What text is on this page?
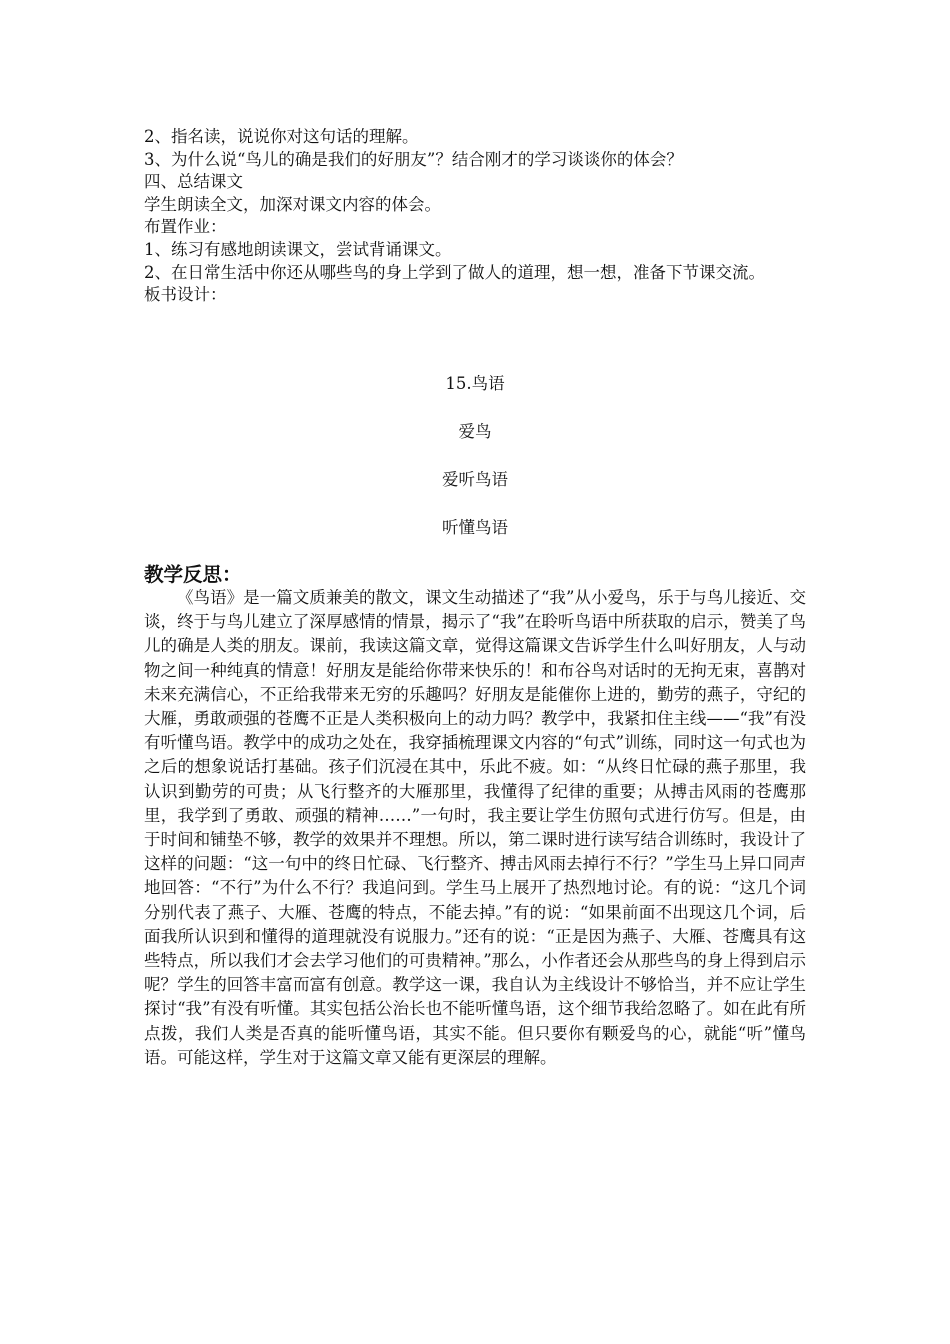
2、指名读，说说你对这句话的理解。

3、为什么说“鸟儿的确是我们的好朋友”？结合刚才的学习谈谈你的体会？

四、总结课文

学生朗读全文，加深对课文内容的体会。

布置作业：

1、练习有感地朗读课文，尝试背诵课文。

2、在日常生活中你还从哪些鸟的身上学到了做人的道理，想一想，准备下节课交流。

板书设计：

15.鸟语
爱鸟
爱听鸟语
听懂鸟语
教学反思：

《鸟语》是一篇文质兼美的散文，课文生动描述了“我”从小爱鸟，乐于与鸟儿接近、交谈，终于与鸟儿建立了深厚感情的情景，揭示了“我”在聆听鸟语中所获取的启示，赞美了鸟儿的确是人类的朋友。课前，我读这篇文章，觉得这篇课文告诉学生什么叫好朋友，人与动物之间一种纯真的情意！好朋友是能给你带来快乐的！和布谷鸟对话时的无拘无束，喜鹊对未来充满信心，不正给我带来无穷的乐趣吗？好朋友是能催你上进的，勤劳的燕子，守纪的大雁，勇敢顽强的苍鹰不正是人类积极向上的动力吗？教学中，我紧扣住主线——“我”有没有听懂鸟语。教学中的成功之处在，我穿插梳理课文内容的“句式”训练，同时这一句式也为之后的想象说话打基础。孩子们沉浸在其中，乐此不疲。如：“从终日忙碌的燕子那里，我认识到勤劳的可贵；从飞行整齐的大雁那里，我懂得了纪律的重要；从搏击风雨的苍鹰那里，我学到了勇敢、顽强的精神……”一句时，我主要让学生仿照句式进行仿写。但是，由于时间和铺垫不够，教学的效果并不理想。所以，第二课时进行读写结合训练时，我设计了这样的问题：“这一句中的终日忙碌、飞行整齐、搏击风雨去掉行不行？”学生马上异口同声地回答：“不行”为什么不行？我追问到。学生马上展开了热烈地讨论。有的说：“这几个词分别代表了燕子、大雁、苍鹰的特点，不能去掉。”有的说：“如果前面不出现这几个词，后面我所认识到和懂得的道理就没有说服力。”还有的说：“正是因为燕子、大雁、苍鹰具有这些特点，所以我们才会去学习他们的可贵精神。”那么，小作者还会从那些鸟的身上得到启示呢？学生的回答丰富而富有创意。教学这一课，我自认为主线设计不够恰当，并不应让学生探讨“我”有没有听懂。其实包括公治长也不能听懂鸟语，这个细节我给忽略了。如在此有所点拨，我们人类是否真的能听懂鸟语，其实不能。但只要你有颗爱鸟的心，就能“听”懂鸟语。可能这样，学生对于这篇文章又能有更深层的理解。
